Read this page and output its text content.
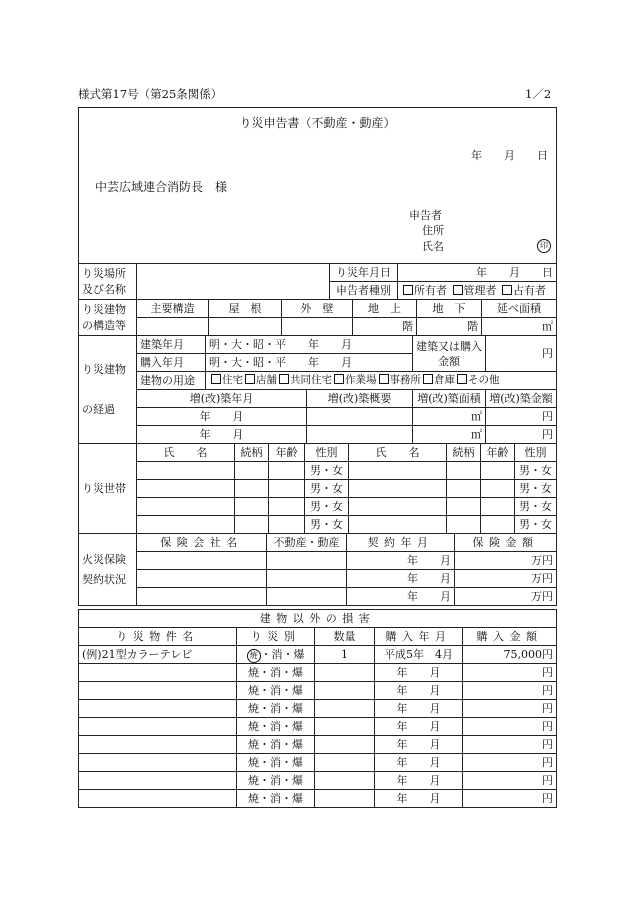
様式第17号（第25条関係）	1／2
り災申告書（不動産・動産）
年　　月　　日
中芸広域連合消防長　様
申告者
住所
氏名	印
り災場所及び名称		り災年月日	年　　月　　日
		申告者種別	所有者 管理者 占有者
り災建物の構造等	主要構造	屋　根	外　壁	地　上	地　下	延べ面積
				階	階	㎡
り災建物の経過	建築年月	明・大・昭・平　　年　　月		建築又は購入金額	円
	購入年月	明・大・昭・平　　年　　月			
	建物の用途	住宅 店舗 共同住宅 作業場 事務所 倉庫 その他			
	増(改)築年月		増(改)築概要	増(改)築面積	増(改)築金額
	年　　月			㎡	円
	年　　月			㎡	円
り災世帯	氏　　名	続柄	年齢	性別	氏　　名	続柄	年齢	性別
				男・女				男・女
				男・女				男・女
				男・女				男・女
				男・女				男・女
火災保険契約状況	保険会社名	不動産・動産	契約年月	保険金額
			年　　月	万円
			年　　月	万円
			年　　月	万円
建物以外の損害				
り災物件名	り災別	数量	購入年月	購入金額
(例)21型カラーテレビ	焼 ・消・爆	1	平成5年　4月	75,000円
	焼・消・爆		年　　月	円
	焼・消・爆		年　　月	円
	焼・消・爆		年　　月	円
	焼・消・爆		年　　月	円
	焼・消・爆		年　　月	円
	焼・消・爆		年　　月	円
	焼・消・爆		年　　月	円
	焼・消・爆		年　　月	円
